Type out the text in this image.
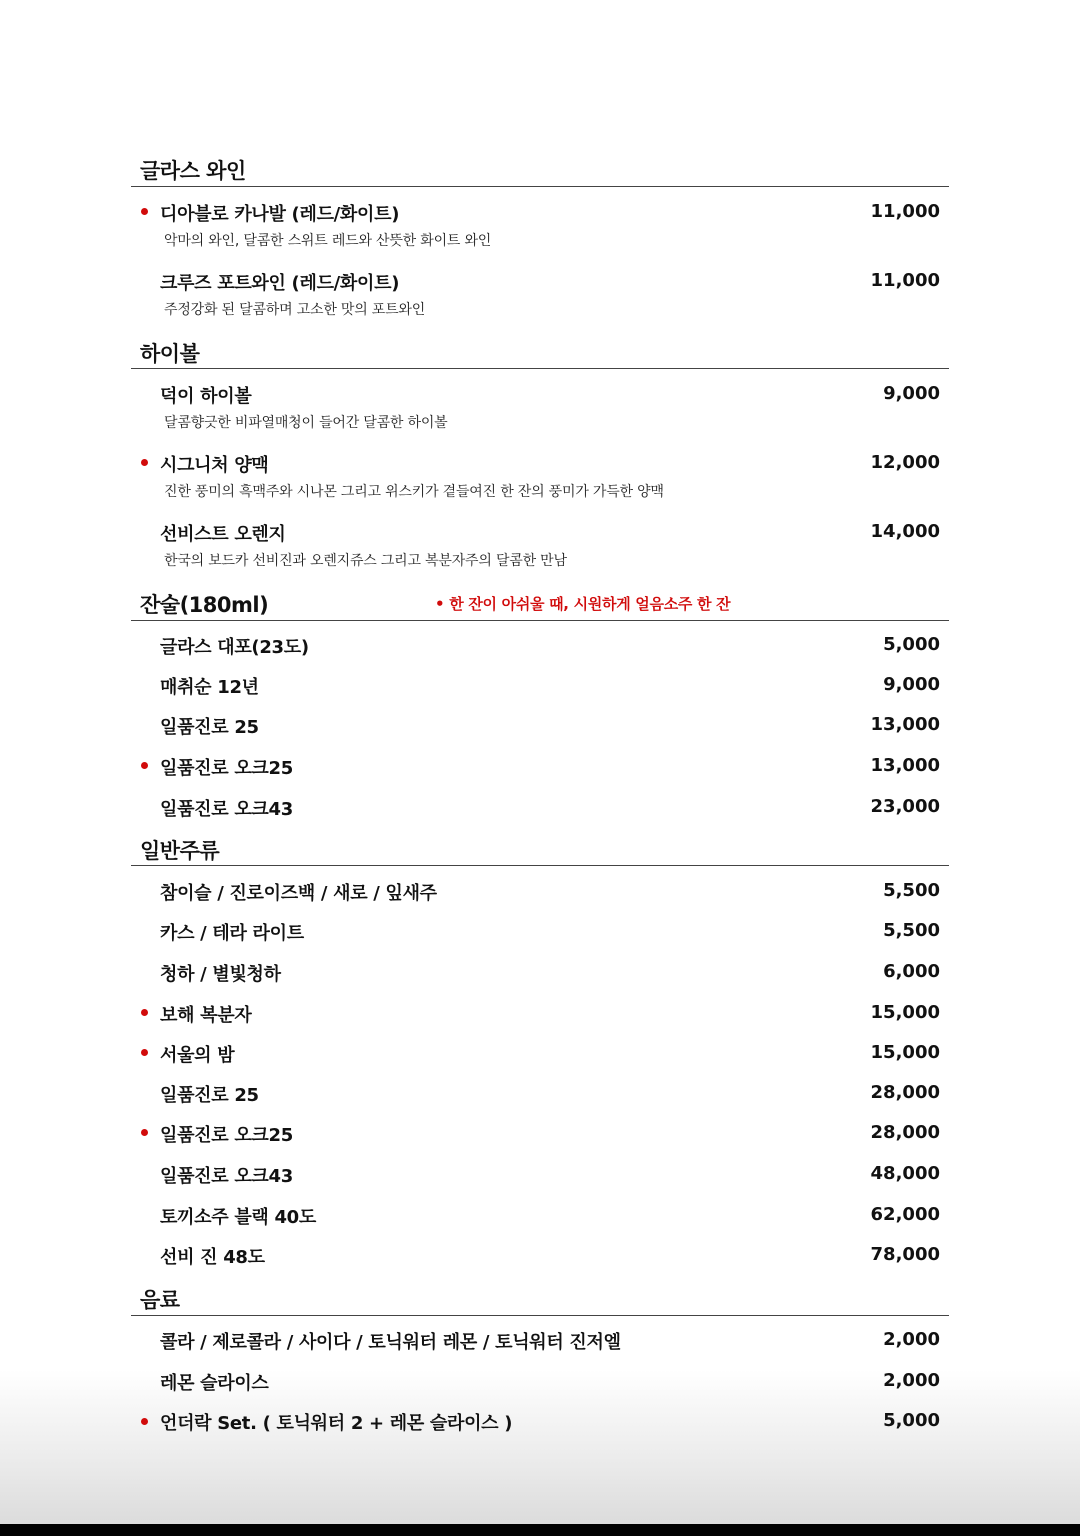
글라스 와인
디아블로 카나발 (레드/화이트)	11,000
악마의 와인, 달콤한 스위트 레드와 산뜻한 화이트 와인
크루즈 포트와인 (레드/화이트)	11,000
주정강화 된 달콤하며 고소한 맛의 포트와인
하이볼
덕이 하이볼	9,000
달콤향긋한 비파열매청이 들어간 달콤한 하이볼
시그니처 양맥	12,000
진한 풍미의 흑맥주와 시나몬 그리고 위스키가 곁들여진 한 잔의 풍미가 가득한 양맥
선비스트 오렌지	14,000
한국의 보드카 선비진과 오렌지쥬스 그리고 복분자주의 달콤한 만남
잔술(180ml)	• 한 잔이 아쉬울 때, 시원하게 얼음소주 한 잔
글라스 대포(23도)	5,000
매취순 12년	9,000
일품진로 25	13,000
일품진로 오크25	13,000
일품진로 오크43	23,000
일반주류
참이슬 / 진로이즈백 / 새로 / 잎새주	5,500
카스 / 테라 라이트	5,500
청하 / 별빛청하	6,000
보해 복분자	15,000
서울의 밤	15,000
일품진로 25	28,000
일품진로 오크25	28,000
일품진로 오크43	48,000
토끼소주 블랙 40도	62,000
선비 진 48도	78,000
음료
콜라 / 제로콜라 / 사이다 / 토닉워터 레몬 / 토닉워터 진저엘	2,000
레몬 슬라이스	2,000
언더락 Set. ( 토닉워터 2 + 레몬 슬라이스 )	5,000
